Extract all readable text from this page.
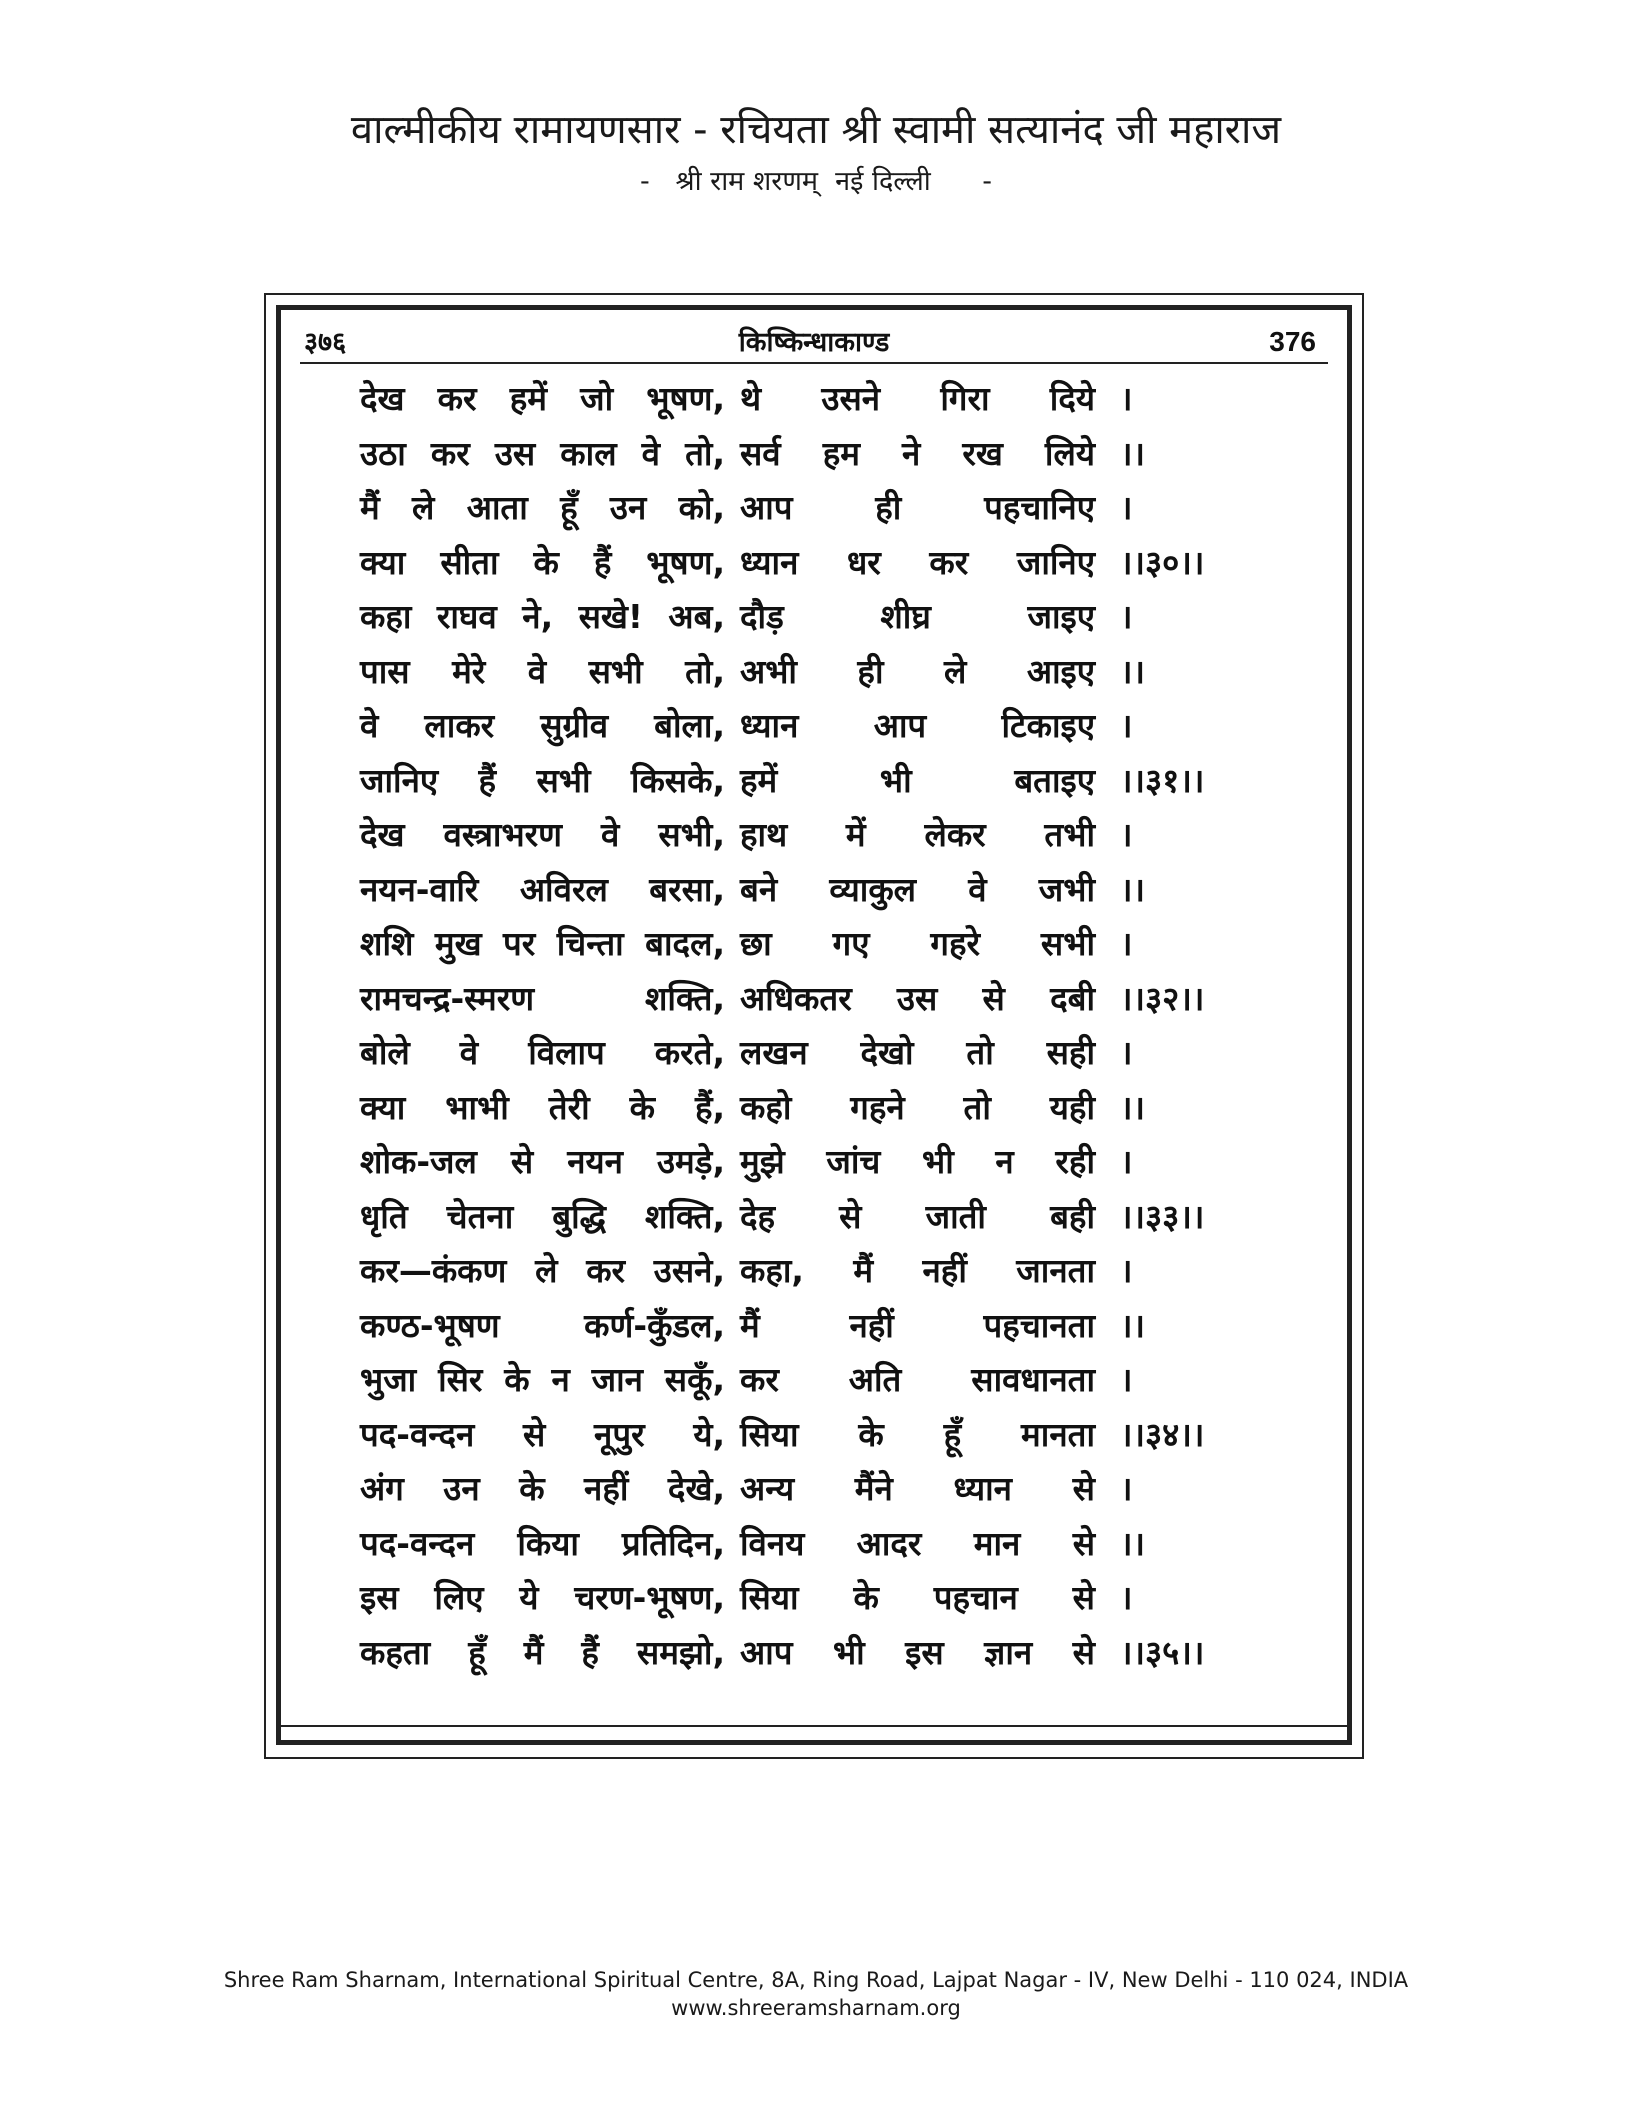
वाल्मीकीय रामायणसार - रचियता श्री स्वामी सत्यानंद जी महाराज
-   श्री राम शरणम्  नई दिल्ली      -
३७६	किष्किन्धाकाण्ड	376
देख कर हमें जो भूषण, थे उसने गिरा दिये ।
उठा कर उस काल वे तो, सर्व हम ने रख लिये ।।
मैं ले आता हूँ उन को, आप ही पहचानिए ।
क्या सीता के हैं भूषण, ध्यान धर कर जानिए ।।३०।।
कहा राघव ने, सखे! अब, दौड़ शीघ्र जाइए ।
पास मेरे वे सभी तो, अभी ही ले आइए ।।
वे लाकर सुग्रीव बोला, ध्यान आप टिकाइए ।
जानिए हैं सभी किसके, हमें भी बताइए ।।३१।।
देख वस्त्राभरण वे सभी, हाथ में लेकर तभी ।
नयन-वारि अविरल बरसा, बने व्याकुल वे जभी ।।
शशि मुख पर चिन्ता बादल, छा गए गहरे सभी ।
रामचन्द्र-स्मरण शक्ति, अधिकतर उस से दबी ।।३२।।
बोले वे विलाप करते, लखन देखो तो सही ।
क्या भाभी तेरी के हैं, कहो गहने तो यही ।।
शोक-जल से नयन उमड़े, मुझे जांच भी न रही ।
धृति चेतना बुद्धि शक्ति, देह से जाती बही ।।३३।।
कर—कंकण ले कर उसने, कहा, मैं नहीं जानता ।
कण्ठ-भूषण कर्ण-कुँडल, मैं नहीं पहचानता ।।
भुजा सिर के न जान सकूँ, कर अति सावधानता ।
पद-वन्दन से नूपुर ये, सिया के हूँ मानता ।।३४।।
अंग उन के नहीं देखे, अन्य मैंने ध्यान से ।
पद-वन्दन किया प्रतिदिन, विनय आदर मान से ।।
इस लिए ये चरण-भूषण, सिया के पहचान से ।
कहता हूँ मैं हैं समझो, आप भी इस ज्ञान से ।।३५।।
Shree Ram Sharnam, International Spiritual Centre, 8A, Ring Road, Lajpat Nagar - IV, New Delhi - 110 024, INDIA
www.shreeramsharnam.org
